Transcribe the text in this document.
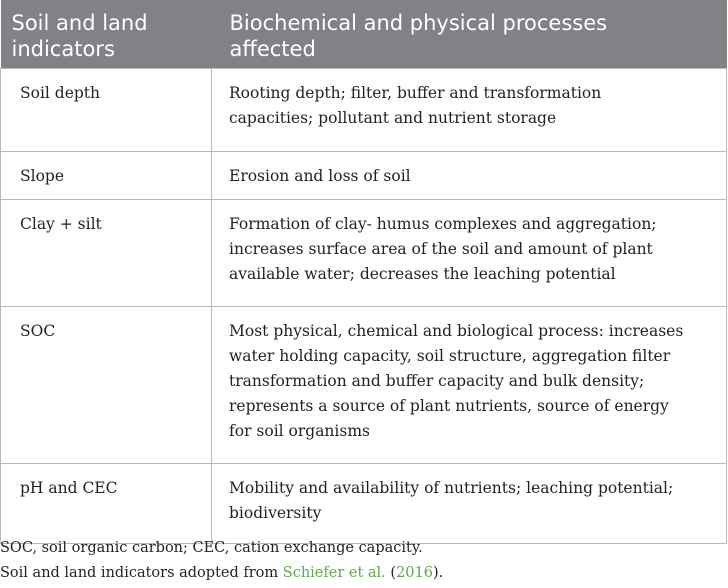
Soil and land
indicators	Biochemical and physical processes
affected
Soil depth	Rooting depth; filter, buffer and transformation
capacities; pollutant and nutrient storage
Slope	Erosion and loss of soil
Clay + silt	Formation of clay- humus complexes and aggregation;
increases surface area of the soil and amount of plant
available water; decreases the leaching potential
SOC	Most physical, chemical and biological process: increases
water holding capacity, soil structure, aggregation filter
transformation and buffer capacity and bulk density;
represents a source of plant nutrients, source of energy
for soil organisms
pH and CEC	Mobility and availability of nutrients; leaching potential;
biodiversity
SOC, soil organic carbon; CEC, cation exchange capacity.
Soil and land indicators adopted from Schiefer et al. (2016).
